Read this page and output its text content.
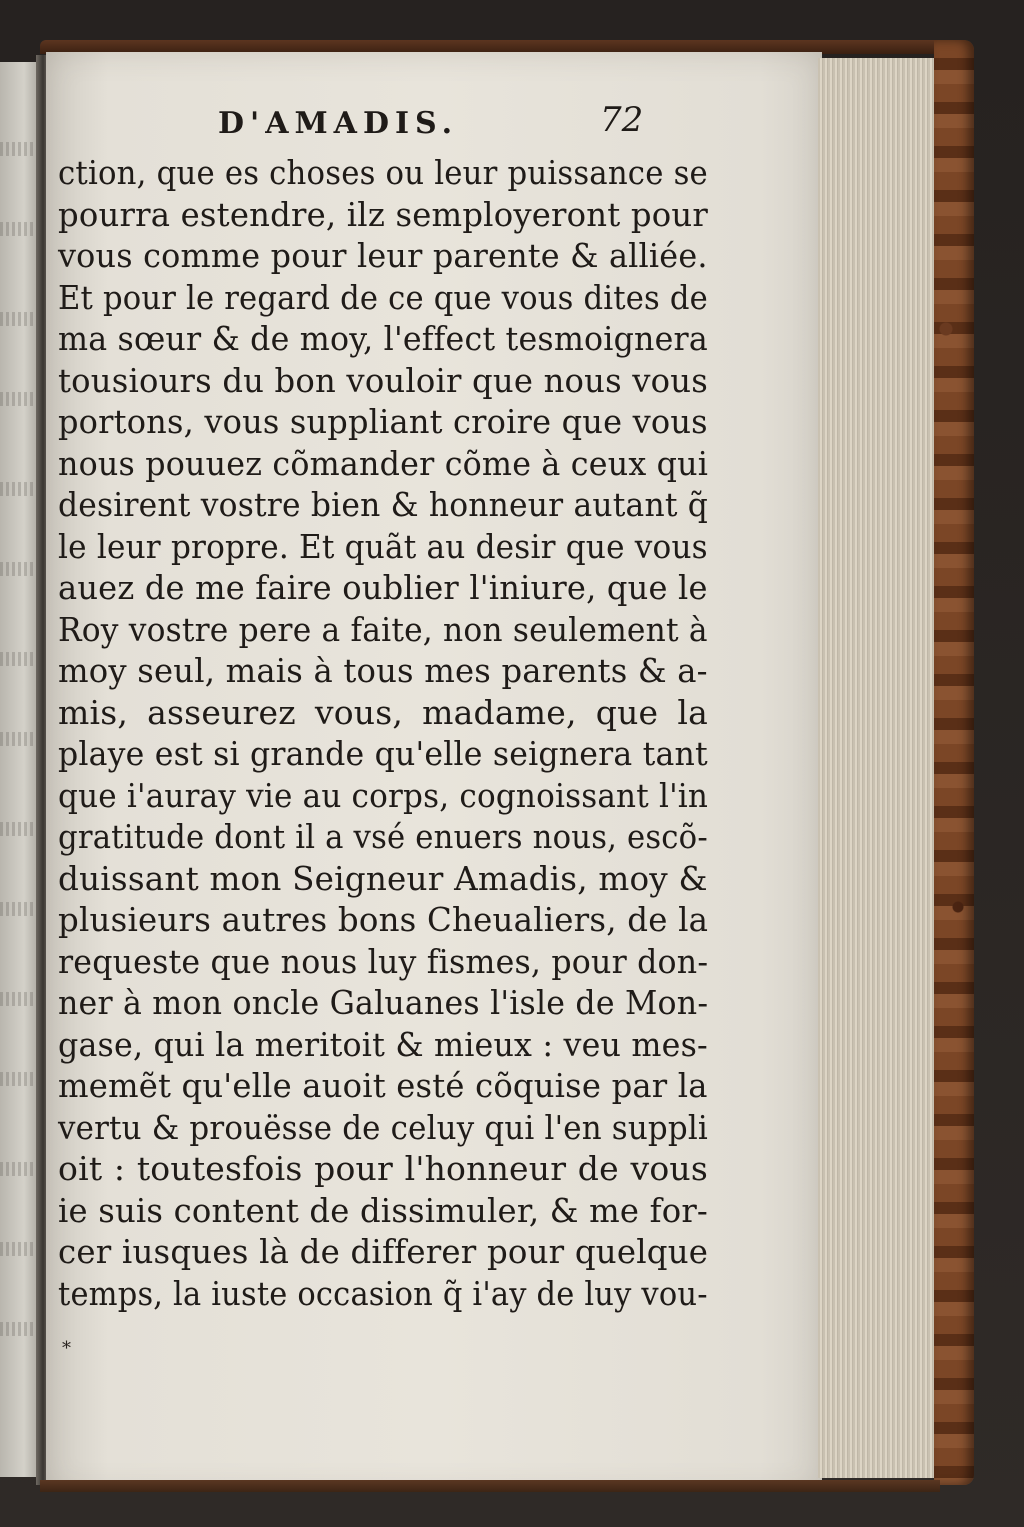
D'AMADIS.	72
ction, que es choses ou leur puissance se
pourra estendre, ilz semployeront pour
vous comme pour leur parente & alliée.
Et pour le regard de ce que vous dites de
ma sœur & de moy, l'effect tesmoignera
tousiours du bon vouloir que nous vous
portons, vous suppliant croire que vous
nous pouuez cõmander cõme à ceux qui
desirent vostre bien & honneur autant q̃
le leur propre. Et quãt au desir que vous
auez de me faire oublier l'iniure, que le
Roy vostre pere a faite, non seulement à
moy seul, mais à tous mes parents & a-
mis, asseurez vous, madame, que la
playe est si grande qu'elle seignera tant
que i'auray vie au corps, cognoissant l'in
gratitude dont il a vsé enuers nous, escõ-
duissant mon Seigneur Amadis, moy &
plusieurs autres bons Cheualiers, de la
requeste que nous luy fismes, pour don-
ner à mon oncle Galuanes l'isle de Mon-
gase, qui la meritoit & mieux : veu mes-
memẽt qu'elle auoit esté cõquise par la
vertu & prouësse de celuy qui l'en suppli
oit : toutesfois pour l'honneur de vous
ie suis content de dissimuler, & me for-
cer iusques là de differer pour quelque
temps, la iuste occasion q̃ i'ay de luy vou-
*
